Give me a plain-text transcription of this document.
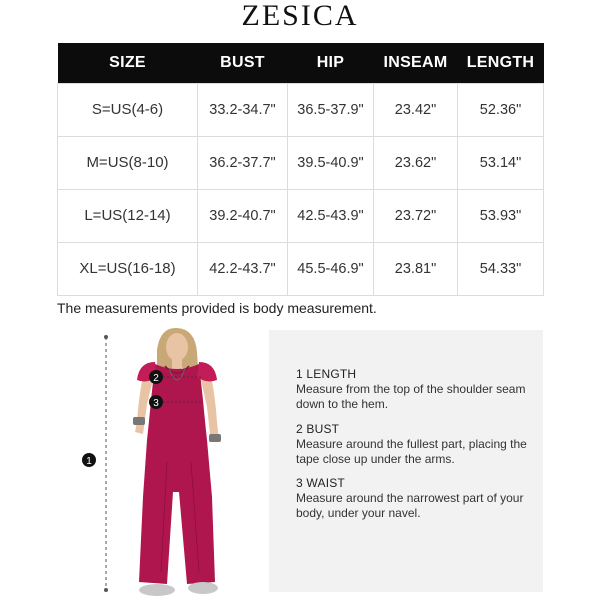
ZESICA
SIZE	BUST	HIP	INSEAM	LENGTH
S=US(4-6)	33.2-34.7"	36.5-37.9"	23.42"	52.36"
M=US(8-10)	36.2-37.7"	39.5-40.9"	23.62"	53.14"
L=US(12-14)	39.2-40.7"	42.5-43.9"	23.72"	53.93"
XL=US(16-18)	42.2-43.7"	45.5-46.9"	23.81"	54.33"
The measurements provided is body measurement.
1
2
3
1 LENGTH
Measure from the top of the shoulder seam down to the hem.
2 BUST
Measure around the fullest part, placing the tape close up under the arms.
3 WAIST
Measure around the narrowest part of your body, under your navel.
